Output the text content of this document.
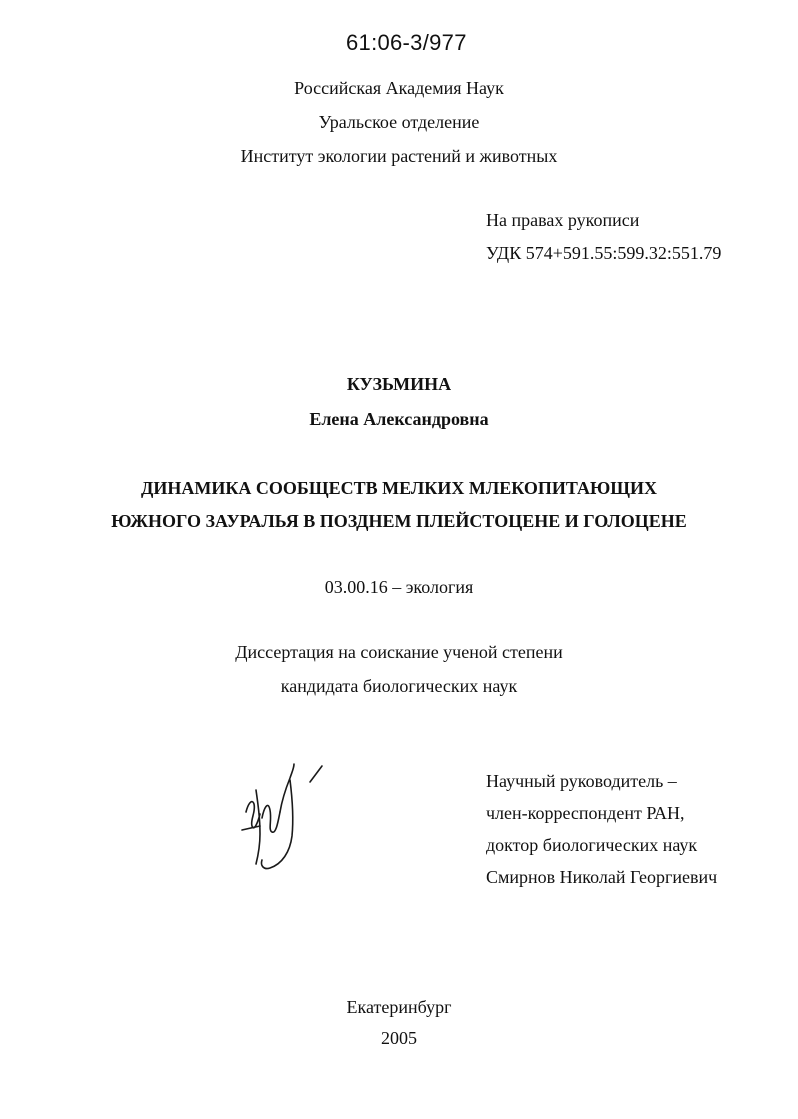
61:06-3/977
Российская Академия Наук
Уральское отделение
Институт экологии растений и животных
На правах рукописи
УДК 574+591.55:599.32:551.79
КУЗЬМИНА
Елена Александровна
ДИНАМИКА СООБЩЕСТВ МЕЛКИХ МЛЕКОПИТАЮЩИХ
ЮЖНОГО ЗАУРАЛЬЯ В ПОЗДНЕМ ПЛЕЙСТОЦЕНЕ И ГОЛОЦЕНЕ
03.00.16 – экология
Диссертация на соискание ученой степени
кандидата биологических наук
Научный руководитель –
член-корреспондент РАН,
доктор биологических наук
Смирнов Николай Георгиевич
Екатеринбург
2005
